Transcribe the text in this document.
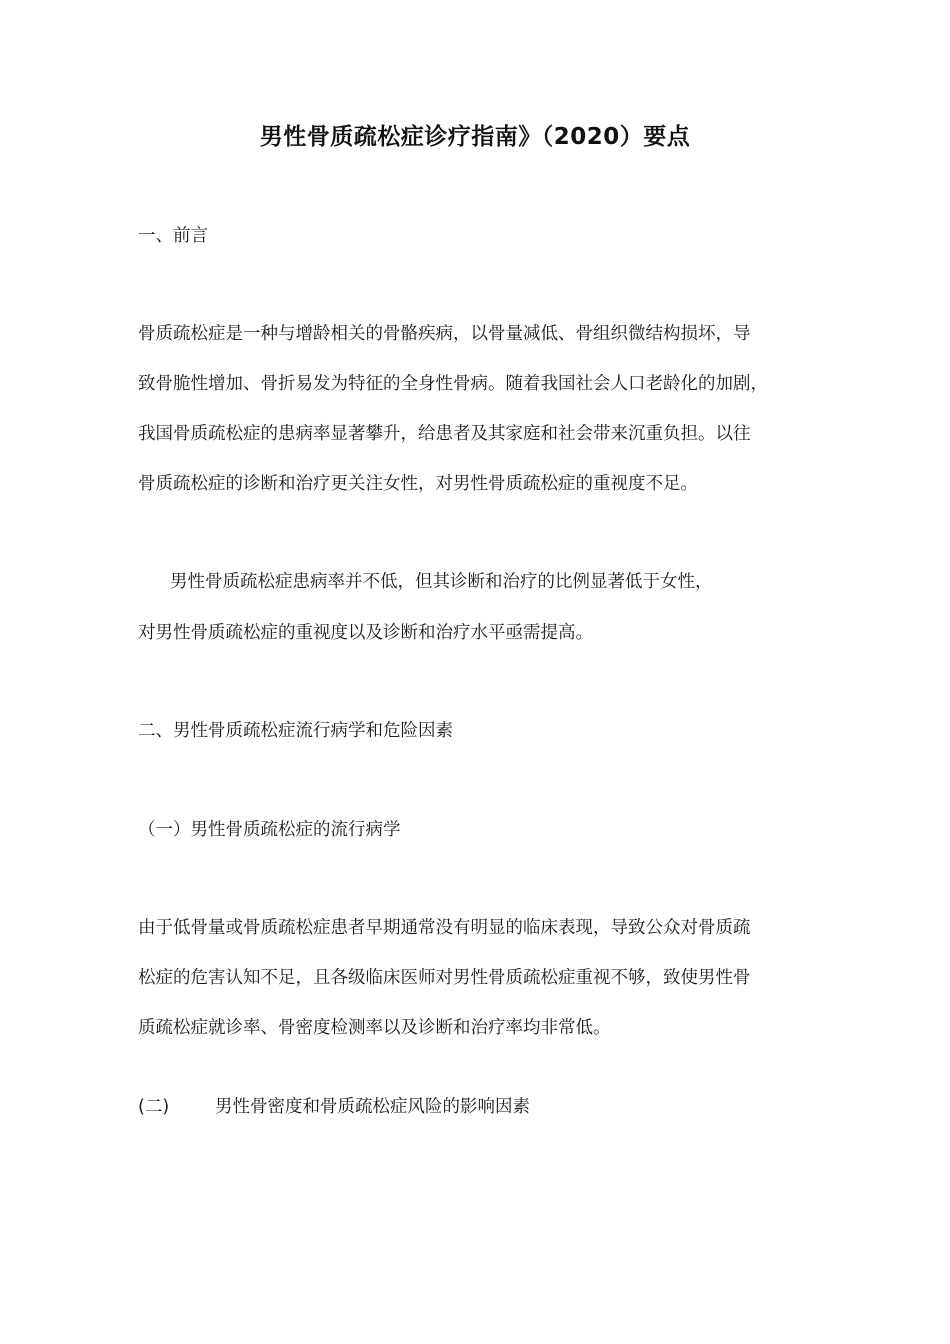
男性骨质疏松症诊疗指南》（2020）要点
一、前言
骨质疏松症是一种与增龄相关的骨骼疾病，以骨量减低、骨组织微结构损坏，导
致骨脆性增加、骨折易发为特征的全身性骨病。随着我国社会人口老龄化的加剧，
我国骨质疏松症的患病率显著攀升，给患者及其家庭和社会带来沉重负担。以往
骨质疏松症的诊断和治疗更关注女性，对男性骨质疏松症的重视度不足。
男性骨质疏松症患病率并不低，但其诊断和治疗的比例显著低于女性，
对男性骨质疏松症的重视度以及诊断和治疗水平亟需提高。
二、男性骨质疏松症流行病学和危险因素
（一）男性骨质疏松症的流行病学
由于低骨量或骨质疏松症患者早期通常没有明显的临床表现，导致公众对骨质疏
松症的危害认知不足，且各级临床医师对男性骨质疏松症重视不够，致使男性骨
质疏松症就诊率、骨密度检测率以及诊断和治疗率均非常低。
(二)	男性骨密度和骨质疏松症风险的影响因素
